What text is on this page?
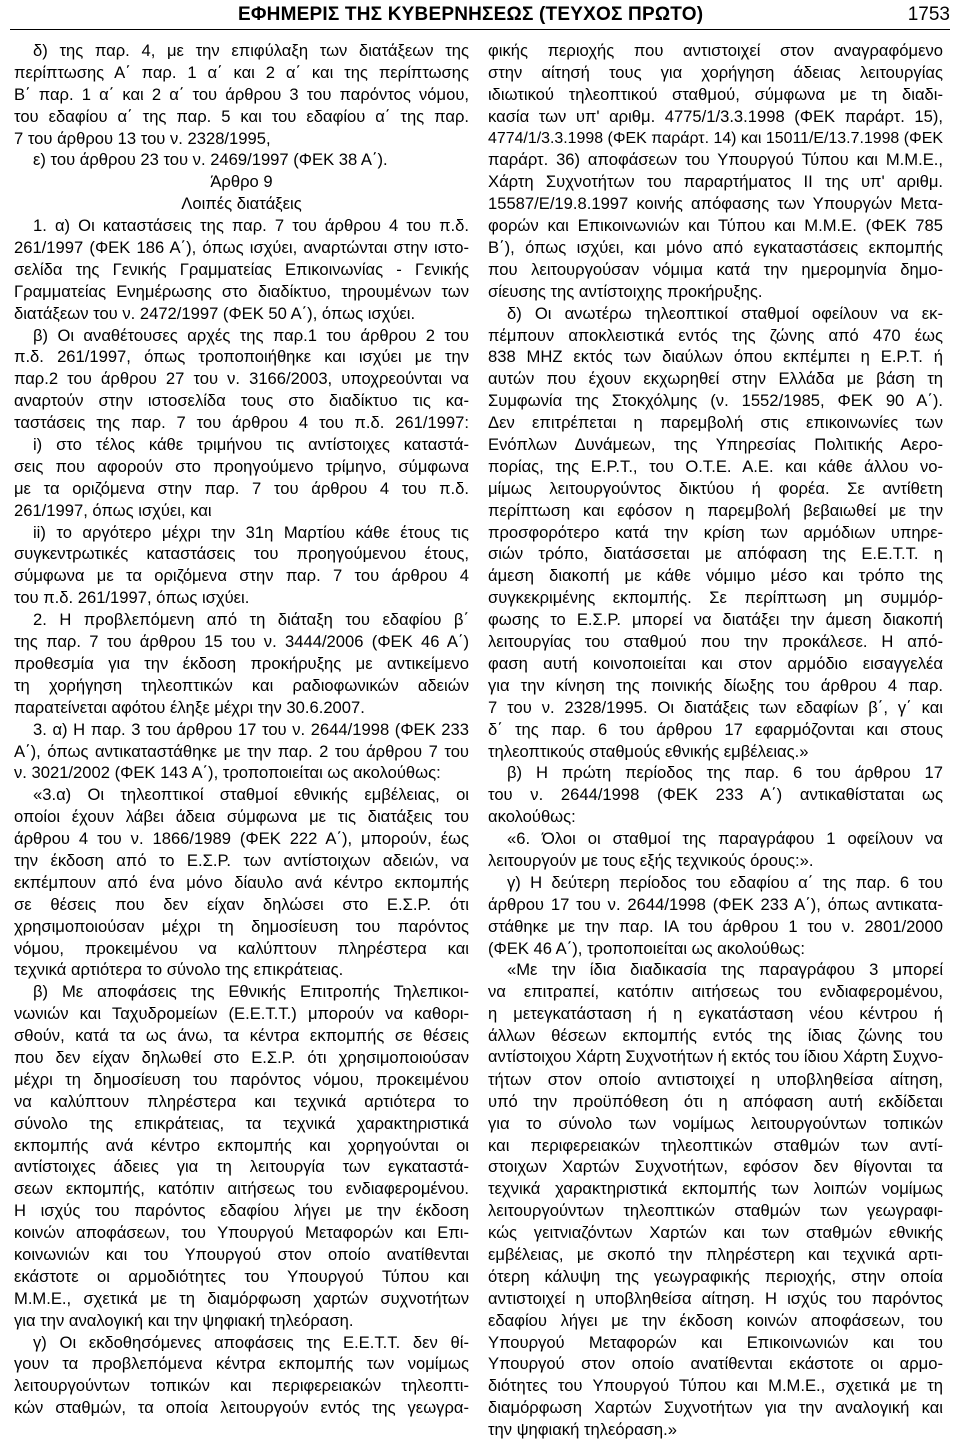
ΕΦΗΜΕΡΙΣ ΤΗΣ ΚΥΒΕΡΝΗΣΕΩΣ (ΤΕΥΧΟΣ ΠΡΩΤΟ)	1753
δ) της παρ. 4, με την επιφύλαξη των διατάξεων της
περίπτωσης Α΄ παρ. 1 α΄ και 2 α΄ και της περίπτωσης
Β΄ παρ. 1 α΄ και 2 α΄ του άρθρου 3 του παρόντος νόμου,
του εδαφίου α΄ της παρ. 5 και του εδαφίου α΄ της παρ.
7 του άρθρου 13 του ν. 2328/1995,
ε) του άρθρου 23 του ν. 2469/1997 (ΦΕΚ 38 Α΄).
Άρθρο 9
Λοιπές διατάξεις
1. α) Οι καταστάσεις της παρ. 7 του άρθρου 4 του π.δ.
261/1997 (ΦΕΚ 186 Α΄), όπως ισχύει, αναρτώνται στην ιστο-
σελίδα της Γενικής Γραμματείας Επικοινωνίας - Γενικής
Γραμματείας Ενημέρωσης στο διαδίκτυο, τηρουμένων των
διατάξεων του ν. 2472/1997 (ΦΕΚ 50 Α΄), όπως ισχύει.
β) Οι αναθέτουσες αρχές της παρ.1 του άρθρου 2 του
π.δ. 261/1997, όπως τροποποιήθηκε και ισχύει με την
παρ.2 του άρθρου 27 του ν. 3166/2003, υποχρεούνται να
αναρτούν στην ιστοσελίδα τους στο διαδίκτυο τις κα-
ταστάσεις της παρ. 7 του άρθρου 4 του π.δ. 261/1997:
i) στο τέλος κάθε τριμήνου τις αντίστοιχες καταστά-
σεις που αφορούν στο προηγούμενο τρίμηνο, σύμφωνα
με τα οριζόμενα στην παρ. 7 του άρθρου 4 του π.δ.
261/1997, όπως ισχύει, και
ii) το αργότερο μέχρι την 31η Μαρτίου κάθε έτους τις
συγκεντρωτικές καταστάσεις του προηγούμενου έτους,
σύμφωνα με τα οριζόμενα στην παρ. 7 του άρθρου 4
του π.δ. 261/1997, όπως ισχύει.
2. Η προβλεπόμενη από τη διάταξη του εδαφίου β΄
της παρ. 7 του άρθρου 15 του ν. 3444/2006 (ΦΕΚ 46 Α΄)
προθεσμία για την έκδοση προκήρυξης με αντικείμενο
τη χορήγηση τηλεοπτικών και ραδιοφωνικών αδειών
παρατείνεται αφότου έληξε μέχρι την 30.6.2007.
3. α) Η παρ. 3 του άρθρου 17 του ν. 2644/1998 (ΦΕΚ 233
Α΄), όπως αντικαταστάθηκε με την παρ. 2 του άρθρου 7 του
ν. 3021/2002 (ΦΕΚ 143 Α΄), τροποποιείται ως ακολούθως:
«3.α) Οι τηλεοπτικοί σταθμοί εθνικής εμβέλειας, οι
οποίοι έχουν λάβει άδεια σύμφωνα με τις διατάξεις του
άρθρου 4 του ν. 1866/1989 (ΦΕΚ 222 Α΄), μπορούν, έως
την έκδοση από το Ε.Σ.Ρ. των αντίστοιχων αδειών, να
εκπέμπουν από ένα μόνο δίαυλο ανά κέντρο εκπομπής
σε θέσεις που δεν είχαν δηλώσει στο Ε.Σ.Ρ. ότι
χρησιμοποιούσαν μέχρι τη δημοσίευση του παρόντος
νόμου, προκειμένου να καλύπτουν πληρέστερα και
τεχνικά αρτιότερα το σύνολο της επικράτειας.
β) Με αποφάσεις της Εθνικής Επιτροπής Τηλεπικοι-
νωνιών και Ταχυδρομείων (Ε.Ε.Τ.Τ.) μπορούν να καθορι-
σθούν, κατά τα ως άνω, τα κέντρα εκπομπής σε θέσεις
που δεν είχαν δηλωθεί στο Ε.Σ.Ρ. ότι χρησιμοποιούσαν
μέχρι τη δημοσίευση του παρόντος νόμου, προκειμένου
να καλύπτουν πληρέστερα και τεχνικά αρτιότερα το
σύνολο της επικράτειας, τα τεχνικά χαρακτηριστικά
εκπομπής ανά κέντρο εκπομπής και χορηγούνται οι
αντίστοιχες άδειες για τη λειτουργία των εγκαταστά-
σεων εκπομπής, κατόπιν αιτήσεως του ενδιαφερομένου.
Η ισχύς του παρόντος εδαφίου λήγει με την έκδοση
κοινών αποφάσεων, του Υπουργού Μεταφορών και Επι-
κοινωνιών και του Υπουργού στον οποίο ανατίθενται
εκάστοτε οι αρμοδιότητες του Υπουργού Τύπου και
Μ.Μ.Ε., σχετικά με τη διαμόρφωση χαρτών συχνοτήτων
για την αναλογική και την ψηφιακή τηλεόραση.
γ) Οι εκδοθησόμενες αποφάσεις της Ε.Ε.Τ.Τ. δεν θί-
γουν τα προβλεπόμενα κέντρα εκπομπής των νομίμως
λειτουργούντων τοπικών και περιφερειακών τηλεοπτι-
κών σταθμών, τα οποία λειτουργούν εντός της γεωγρα-
φικής περιοχής που αντιστοιχεί στον αναγραφόμενο
στην αίτησή τους για χορήγηση άδειας λειτουργίας
ιδιωτικού τηλεοπτικού σταθμού, σύμφωνα με τη διαδι-
κασία των υπ' αριθμ. 4775/1/3.3.1998 (ΦΕΚ παράρτ. 15),
4774/1/3.3.1998 (ΦΕΚ παράρτ. 14) και 15011/Ε/13.7.1998 (ΦΕΚ
παράρτ. 36) αποφάσεων του Υπουργού Τύπου και Μ.Μ.Ε.,
Χάρτη Συχνοτήτων του παραρτήματος ΙΙ της υπ' αριθμ.
15587/Ε/19.8.1997 κοινής απόφασης των Υπουργών Μετα-
φορών και Επικοινωνιών και Τύπου και Μ.Μ.Ε. (ΦΕΚ 785
Β΄), όπως ισχύει, και μόνο από εγκαταστάσεις εκπομπής
που λειτουργούσαν νόμιμα κατά την ημερομηνία δημο-
σίευσης της αντίστοιχης προκήρυξης.
δ) Οι ανωτέρω τηλεοπτικοί σταθμοί οφείλουν να εκ-
πέμπουν αποκλειστικά εντός της ζώνης από 470 έως
838 MHZ εκτός των διαύλων όπου εκπέμπει η Ε.Ρ.Τ. ή
αυτών που έχουν εκχωρηθεί στην Ελλάδα με βάση τη
Συμφωνία της Στοκχόλμης (ν. 1552/1985, ΦΕΚ 90 Α΄).
Δεν επιτρέπεται η παρεμβολή στις επικοινωνίες των
Ενόπλων Δυνάμεων, της Υπηρεσίας Πολιτικής Αερο-
πορίας, της Ε.Ρ.Τ., του Ο.Τ.Ε. Α.Ε. και κάθε άλλου νο-
μίμως λειτουργούντος δικτύου ή φορέα. Σε αντίθετη
περίπτωση και εφόσον η παρεμβολή βεβαιωθεί με την
προσφορότερο κατά την κρίση των αρμόδιων υπηρε-
σιών τρόπο, διατάσσεται με απόφαση της Ε.Ε.Τ.Τ. η
άμεση διακοπή με κάθε νόμιμο μέσο και τρόπο της
συγκεκριμένης εκπομπής. Σε περίπτωση μη συμμόρ-
φωσης το Ε.Σ.Ρ. μπορεί να διατάξει την άμεση διακοπή
λειτουργίας του σταθμού που την προκάλεσε. Η από-
φαση αυτή κοινοποιείται και στον αρμόδιο εισαγγελέα
για την κίνηση της ποινικής δίωξης του άρθρου 4 παρ.
7 του ν. 2328/1995. Οι διατάξεις των εδαφίων β΄, γ΄ και
δ΄ της παρ. 6 του άρθρου 17 εφαρμόζονται και στους
τηλεοπτικούς σταθμούς εθνικής εμβέλειας.»
β) Η πρώτη περίοδος της παρ. 6 του άρθρου 17
του ν. 2644/1998 (ΦΕΚ 233 Α΄) αντικαθίσταται ως
ακολούθως:
«6. Όλοι οι σταθμοί της παραγράφου 1 οφείλουν να
λειτουργούν με τους εξής τεχνικούς όρους:».
γ) Η δεύτερη περίοδος του εδαφίου α΄ της παρ. 6 του
άρθρου 17 του ν. 2644/1998 (ΦΕΚ 233 Α΄), όπως αντικατα-
στάθηκε με την παρ. ΙΑ του άρθρου 1 του ν. 2801/2000
(ΦΕΚ 46 Α΄), τροποποιείται ως ακολούθως:
«Με την ίδια διαδικασία της παραγράφου 3 μπορεί
να επιτραπεί, κατόπιν αιτήσεως του ενδιαφερομένου,
η μετεγκατάσταση ή η εγκατάσταση νέου κέντρου ή
άλλων θέσεων εκπομπής εντός της ίδιας ζώνης του
αντίστοιχου Χάρτη Συχνοτήτων ή εκτός του ίδιου Χάρτη Συχνο-
τήτων στον οποίο αντιστοιχεί η υποβληθείσα αίτηση,
υπό την προϋπόθεση ότι η απόφαση αυτή εκδίδεται
για το σύνολο των νομίμως λειτουργούντων τοπικών
και περιφερειακών τηλεοπτικών σταθμών των αντί-
στοιχων Χαρτών Συχνοτήτων, εφόσον δεν θίγονται τα
τεχνικά χαρακτηριστικά εκπομπής των λοιπών νομίμως
λειτουργούντων τηλεοπτικών σταθμών των γεωγραφι-
κώς γειτνιαζόντων Χαρτών και των σταθμών εθνικής
εμβέλειας, με σκοπό την πληρέστερη και τεχνικά αρτι-
ότερη κάλυψη της γεωγραφικής περιοχής, στην οποία
αντιστοιχεί η υποβληθείσα αίτηση. Η ισχύς του παρόντος
εδαφίου λήγει με την έκδοση κοινών αποφάσεων, του
Υπουργού Μεταφορών και Επικοινωνιών και του
Υπουργού στον οποίο ανατίθενται εκάστοτε οι αρμο-
διότητες του Υπουργού Τύπου και Μ.Μ.Ε., σχετικά με τη
διαμόρφωση Χαρτών Συχνοτήτων για την αναλογική και
την ψηφιακή τηλεόραση.»
